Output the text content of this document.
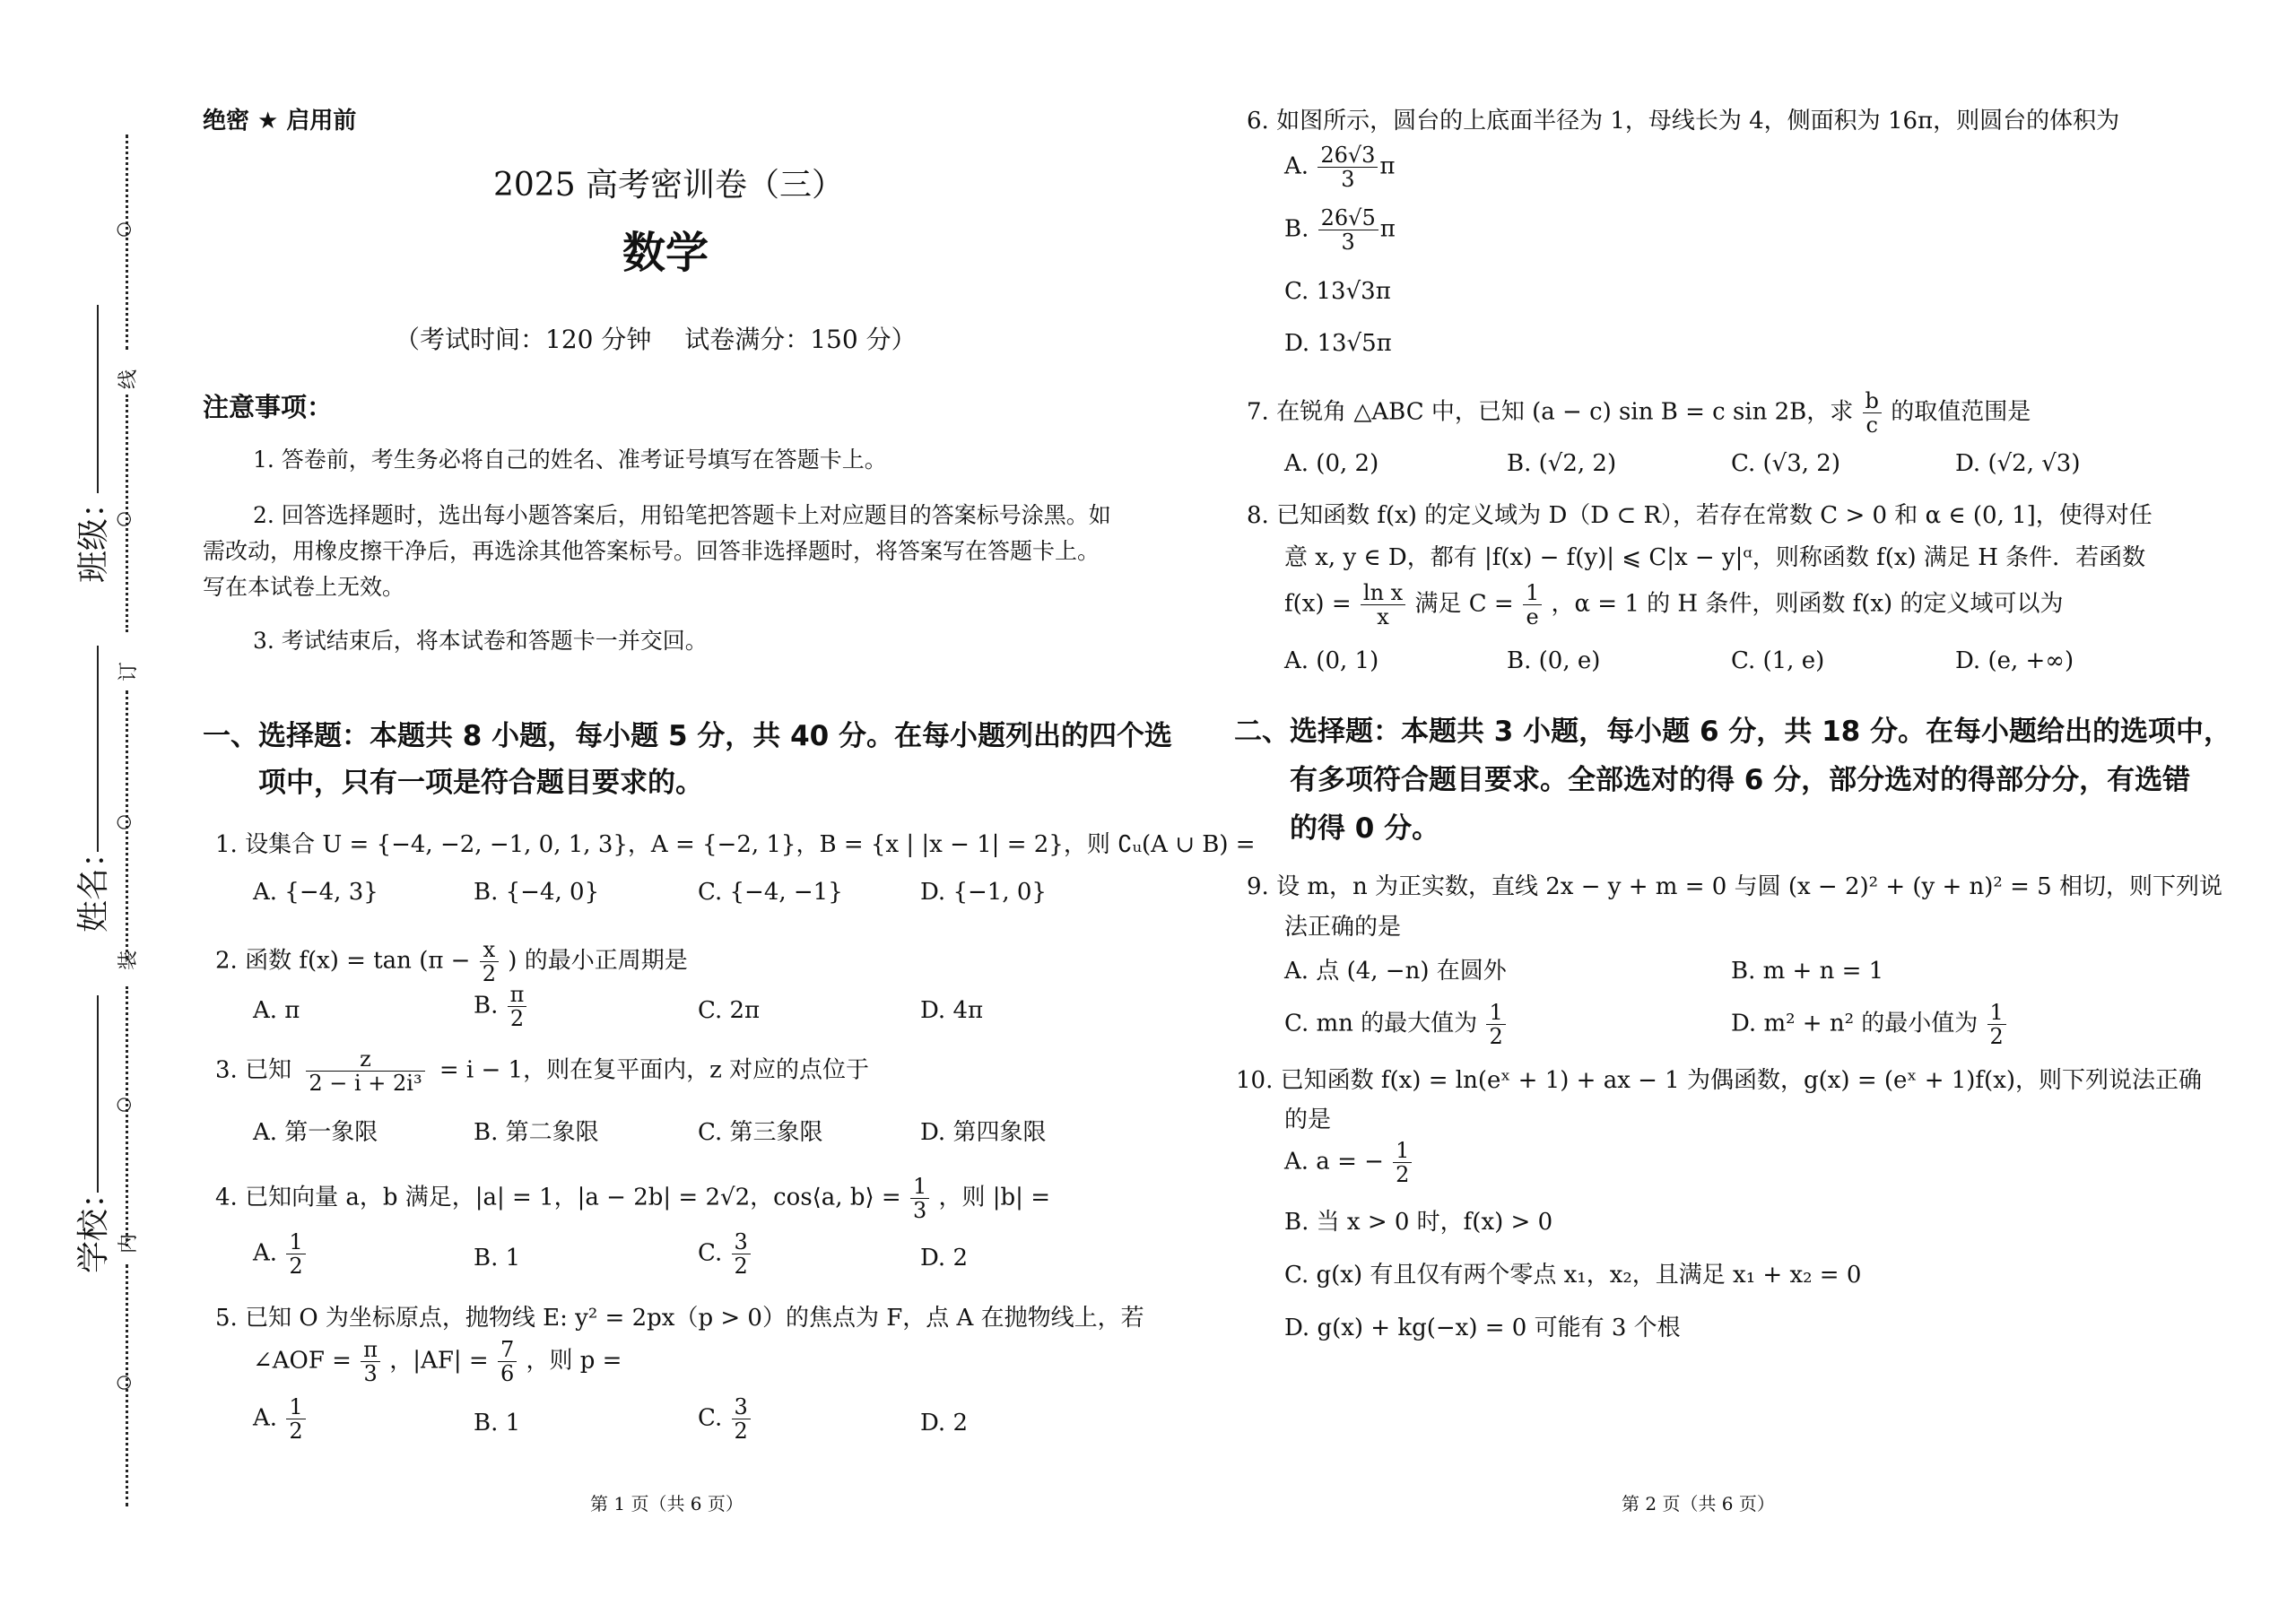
○
线
○
订
○
装
○
内
○
班级：
姓名：
学校：
绝密 ★ 启用前
2025 高考密训卷（三）
数学
（考试时间：120 分钟　 试卷满分：150 分）
注意事项：
1. 答卷前，考生务必将自己的姓名、准考证号填写在答题卡上。
2. 回答选择题时，选出每小题答案后，用铅笔把答题卡上对应题目的答案标号涂黑。如
需改动，用橡皮擦干净后，再选涂其他答案标号。回答非选择题时，将答案写在答题卡上。
写在本试卷上无效。
3. 考试结束后，将本试卷和答题卡一并交回。
一、选择题：本题共 8 小题，每小题 5 分，共 40 分。在每小题列出的四个选
项中，只有一项是符合题目要求的。
1. 设集合 U = {−4, −2, −1, 0, 1, 3}，A = {−2, 1}，B = {x | |x − 1| = 2}，则 ∁ᵤ(A ∪ B) =
A. {−4, 3}	B. {−4, 0}	C. {−4, −1}	D. {−1, 0}
2. 函数 $f(x) = \tan (\pi - \frac{x}{2}$ ) 的最小正周期是
A. π	B. $\frac{\pi}{2}$	C. 2π	D. 4π
3. 已知 $\frac{z}{\text{2 − i + 2i³}} = i - 1$，则在复平面内，z 对应的点位于
A. 第一象限	B. 第二象限	C. 第三象限	D. 第四象限
4. 已知向量 a，b 满足，|a| = 1，|a − 2b| = 2√2，cos⟨a, b⟩ = $\frac{1}{3}$ ，则 |b| =
A. $\frac{1}{2}$	B. 1	C. $\frac{3}{2}$	D. 2
5. 已知 O 为坐标原点，抛物线 E: y² = 2px（p > 0）的焦点为 F，点 A 在抛物线上，若
∠AOF = $\frac{\pi}{3}$ ，$|AF| = \frac{7}{6}$ ，则 p =
A. $\frac{1}{2}$	B. 1	C. $\frac{3}{2}$	D. 2
第 1 页（共 6 页）
6. 如图所示，圆台的上底面半径为 1，母线长为 4，侧面积为 16π，则圆台的体积为
A. $\frac{26√3}{3}$ π
B. $\frac{26√5}{3}$ π
C. 13√3π
D. 13√5π
7. 在锐角 △ABC 中，已知 (a − c) sin B = c sin 2B，求 $\frac{b}{c}$ 的取值范围是
A. (0, 2)	B. (√2, 2)	C. (√3, 2)	D. (√2, √3)
8. 已知函数 f(x) 的定义域为 D（D ⊂ R），若存在常数 C > 0 和 α ∈ (0, 1]，使得对任
意 x, y ∈ D，都有 |f(x) − f(y)| ⩽ C|x − y|ᵅ，则称函数 f(x) 满足 H 条件．若函数
$f(x) = \frac{\text{ln x}}{x}$ 满足 $C = \frac{1}{e}$ ，α = 1 的 H 条件，则函数 f(x) 的定义域可以为
A. (0, 1)	B. (0, e)	C. (1, e)	D. (e, +∞)
二、选择题：本题共 3 小题，每小题 6 分，共 18 分。在每小题给出的选项中，
有多项符合题目要求。全部选对的得 6 分，部分选对的得部分分，有选错
的得 0 分。
9. 设 m，n 为正实数，直线 2x − y + m = 0 与圆 (x − 2)² + (y + n)² = 5 相切，则下列说
法正确的是
A. 点 (4, −n) 在圆外	B. m + n = 1
C. mn 的最大值为 $\frac{1}{2}$	D. m² + n² 的最小值为 $\frac{1}{2}$
10. 已知函数 f(x) = ln(eˣ + 1) + ax − 1 为偶函数，g(x) = (eˣ + 1)f(x)，则下列说法正确
的是
A. a = − $\frac{1}{2}$
B. 当 x > 0 时，f(x) > 0
C. g(x) 有且仅有两个零点 x₁，x₂，且满足 x₁ + x₂ = 0
D. g(x) + kg(−x) = 0 可能有 3 个根
第 2 页（共 6 页）
